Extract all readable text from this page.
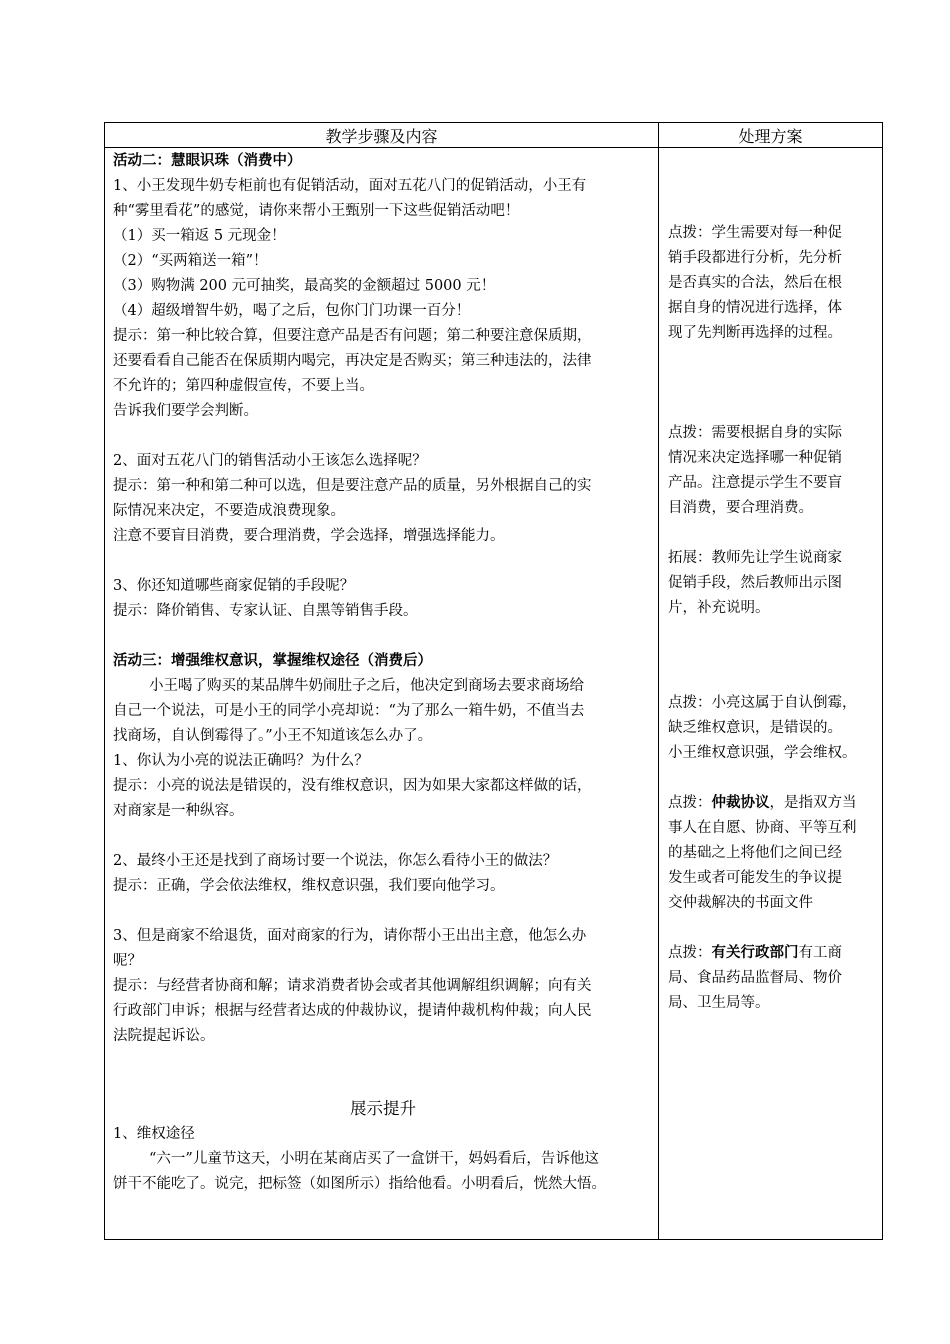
教学步骤及内容	处理方案
活动二：慧眼识珠（消费中）
1、小王发现牛奶专柜前也有促销活动，面对五花八门的促销活动，小王有
种“雾里看花”的感觉，请你来帮小王甄别一下这些促销活动吧！
（1）买一箱返 5 元现金！
（2）“买两箱送一箱”！
（3）购物满 200 元可抽奖，最高奖的金额超过 5000 元！
（4）超级增智牛奶，喝了之后，包你门门功课一百分！
提示：第一种比较合算，但要注意产品是否有问题；第二种要注意保质期，
还要看看自己能否在保质期内喝完，再决定是否购买；第三种违法的，法律
不允许的；第四种虚假宣传，不要上当。
告诉我们要学会判断。
2、面对五花八门的销售活动小王该怎么选择呢？
提示：第一种和第二种可以选，但是要注意产品的质量，另外根据自己的实
际情况来决定，不要造成浪费现象。
注意不要盲目消费，要合理消费，学会选择，增强选择能力。
3、你还知道哪些商家促销的手段呢？
提示：降价销售、专家认证、自黑等销售手段。
活动三：增强维权意识，掌握维权途径（消费后）
小王喝了购买的某品牌牛奶闹肚子之后，他决定到商场去要求商场给
自己一个说法，可是小王的同学小亮却说：“为了那么一箱牛奶，不值当去
找商场，自认倒霉得了。”小王不知道该怎么办了。
1、你认为小亮的说法正确吗？为什么？
提示：小亮的说法是错误的，没有维权意识，因为如果大家都这样做的话，
对商家是一种纵容。
2、最终小王还是找到了商场讨要一个说法，你怎么看待小王的做法？
提示：正确，学会依法维权，维权意识强，我们要向他学习。
3、但是商家不给退货，面对商家的行为，请你帮小王出出主意，他怎么办
呢？
提示：与经营者协商和解；请求消费者协会或者其他调解组织调解；向有关
行政部门申诉；根据与经营者达成的仲裁协议，提请仲裁机构仲裁；向人民
法院提起诉讼。
展示提升
1、维权途径
“六一”儿童节这天，小明在某商店买了一盒饼干，妈妈看后，告诉他这
饼干不能吃了。说完，把标签（如图所示）指给他看。小明看后，恍然大悟。
点拨：学生需要对每一种促
销手段都进行分析，先分析
是否真实的合法，然后在根
据自身的情况进行选择，体
现了先判断再选择的过程。
点拨：需要根据自身的实际
情况来决定选择哪一种促销
产品。注意提示学生不要盲
目消费，要合理消费。
拓展：教师先让学生说商家
促销手段，然后教师出示图
片，补充说明。
点拨：小亮这属于自认倒霉，
缺乏维权意识，是错误的。
小王维权意识强，学会维权。
点拨：仲裁协议，是指双方当
事人在自愿、协商、平等互利
的基础之上将他们之间已经
发生或者可能发生的争议提
交仲裁解决的书面文件
点拨：有关行政部门有工商
局、食品药品监督局、物价
局、卫生局等。
